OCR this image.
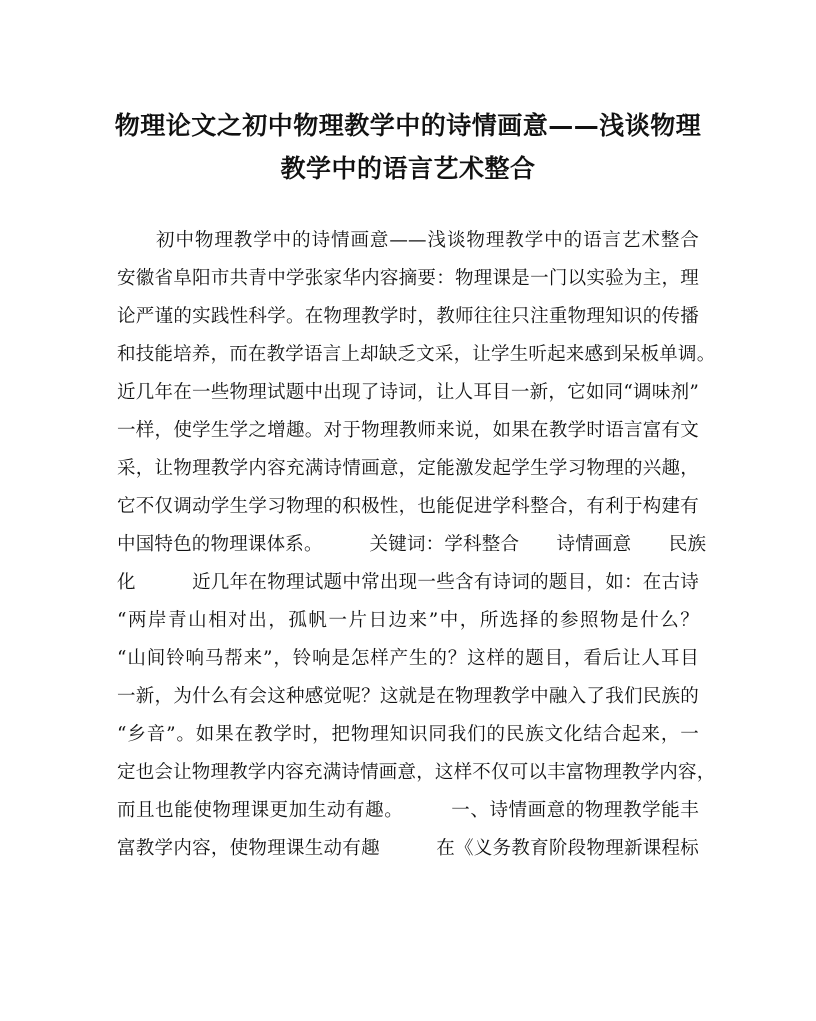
物理论文之初中物理教学中的诗情画意——浅谈物理
教学中的语言艺术整合
初中物理教学中的诗情画意——浅谈物理教学中的语言艺术整合
安徽省阜阳市共青中学张家华内容摘要：物理课是一门以实验为主，理
论严谨的实践性科学。在物理教学时，教师往往只注重物理知识的传播
和技能培养，而在教学语言上却缺乏文采，让学生听起来感到呆板单调。
近几年在一些物理试题中出现了诗词，让人耳目一新，它如同“调味剂”
一样，使学生学之增趣。对于物理教师来说，如果在教学时语言富有文
采，让物理教学内容充满诗情画意，定能激发起学生学习物理的兴趣，
它不仅调动学生学习物理的积极性，也能促进学科整合，有利于构建有
中国特色的物理课体系。　　　关键词：学科整合　　诗情画意　　民族
化　　　近几年在物理试题中常出现一些含有诗词的题目，如：在古诗
“两岸青山相对出，孤帆一片日边来”中，所选择的参照物是什么？
“山间铃响马帮来”，铃响是怎样产生的？这样的题目，看后让人耳目
一新，为什么有会这种感觉呢？这就是在物理教学中融入了我们民族的
“乡音”。如果在教学时，把物理知识同我们的民族文化结合起来，一
定也会让物理教学内容充满诗情画意，这样不仅可以丰富物理教学内容，
而且也能使物理课更加生动有趣。　　　一、诗情画意的物理教学能丰
富教学内容，使物理课生动有趣　　　在《义务教育阶段物理新课程标
